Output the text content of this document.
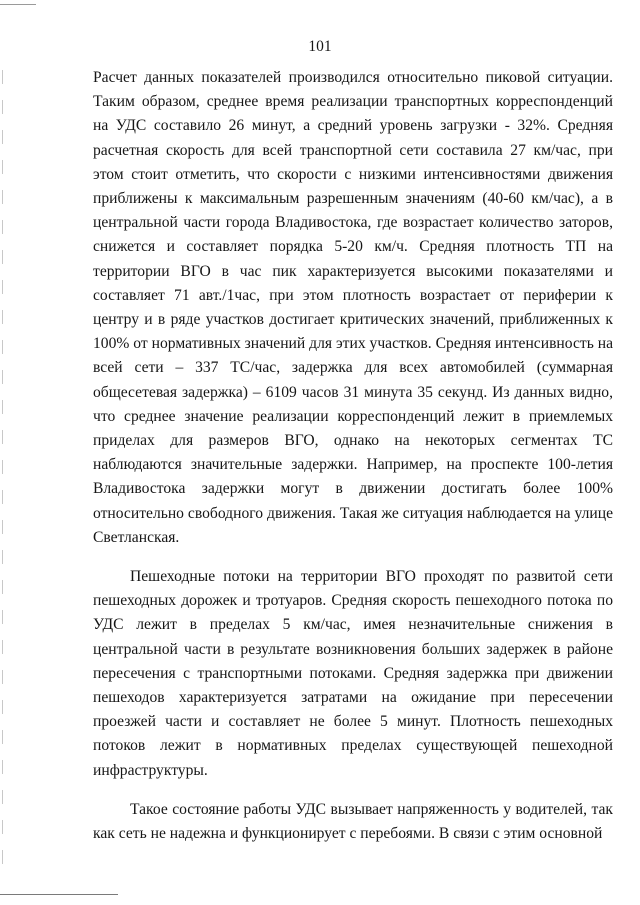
101

Расчет данных показателей производился относительно пиковой ситуации. Таким образом, среднее время реализации транспортных корреспонденций на УДС составило 26 минут, а средний уровень загрузки - 32%. Средняя расчетная скорость для всей транспортной сети составила 27 км/час, при этом стоит отметить, что скорости с низкими интенсивностями движения приближены к максимальным разрешенным значениям (40-60 км/час), а в центральной части города Владивостока, где возрастает количество заторов, снижется и составляет порядка 5-20 км/ч. Средняя плотность ТП на территории ВГО в час пик характеризуется высокими показателями и составляет 71 авт./1час, при этом плотность возрастает от периферии к центру и в ряде участков достигает критических значений, приближенных к 100% от нормативных значений для этих участков. Средняя интенсивность на всей сети – 337 ТС/час, задержка для всех автомобилей (суммарная общесетевая задержка) – 6109 часов 31 минута 35 секунд. Из данных видно, что среднее значение реализации корреспонденций лежит в приемлемых приделах для размеров ВГО, однако на некоторых сегментах ТС наблюдаются значительные задержки. Например, на проспекте 100-летия Владивостока задержки могут в движении достигать более 100% относительно свободного движения. Такая же ситуация наблюдается на улице Светланская.

Пешеходные потоки на территории ВГО проходят по развитой сети пешеходных дорожек и тротуаров. Средняя скорость пешеходного потока по УДС лежит в пределах 5 км/час, имея незначительные снижения в центральной части в результате возникновения больших задержек в районе пересечения с транспортными потоками. Средняя задержка при движении пешеходов характеризуется затратами на ожидание при пересечении проезжей части и составляет не более 5 минут. Плотность пешеходных потоков лежит в нормативных пределах существующей пешеходной инфраструктуры.

Такое состояние работы УДС вызывает напряженность у водителей, так как сеть не надежна и функционирует с перебоями. В связи с этим основной
